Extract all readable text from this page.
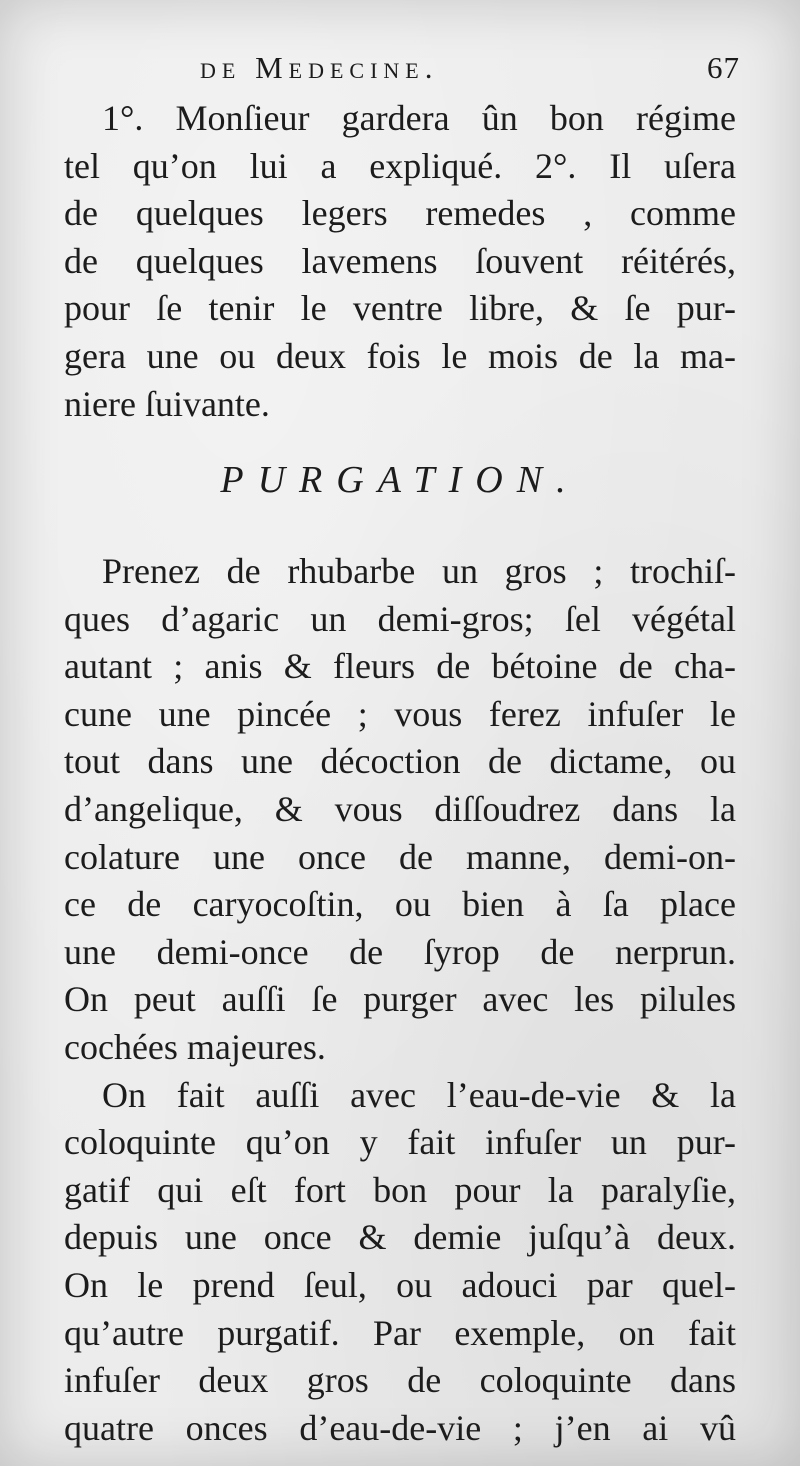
de Medecine.	67
1°. Monſieur gardera ûn bon régime
tel qu’on lui a expliqué. 2°. Il uſera
de quelques legers remedes , comme
de quelques lavemens ſouvent réitérés,
pour ſe tenir le ventre libre, & ſe pur-
gera une ou deux fois le mois de la ma-
niere ſuivante.
PURGATION.
Prenez de rhubarbe un gros ; trochiſ-
ques d’agaric un demi-gros; ſel végétal
autant ; anis & fleurs de bétoine de cha-
cune une pincée ; vous ferez infuſer le
tout dans une décoction de dictame, ou
d’angelique, & vous diſſoudrez dans la
colature une once de manne, demi-on-
ce de caryocoſtin, ou bien à ſa place
une demi-once de ſyrop de nerprun.
On peut auſſi ſe purger avec les pilules
cochées majeures.
On fait auſſi avec l’eau-de-vie & la
coloquinte qu’on y fait infuſer un pur-
gatif qui eſt fort bon pour la paralyſie,
depuis une once & demie juſqu’à deux.
On le prend ſeul, ou adouci par quel-
qu’autre purgatif. Par exemple, on fait
infuſer deux gros de coloquinte dans
quatre onces d’eau-de-vie ; j’en ai vû
